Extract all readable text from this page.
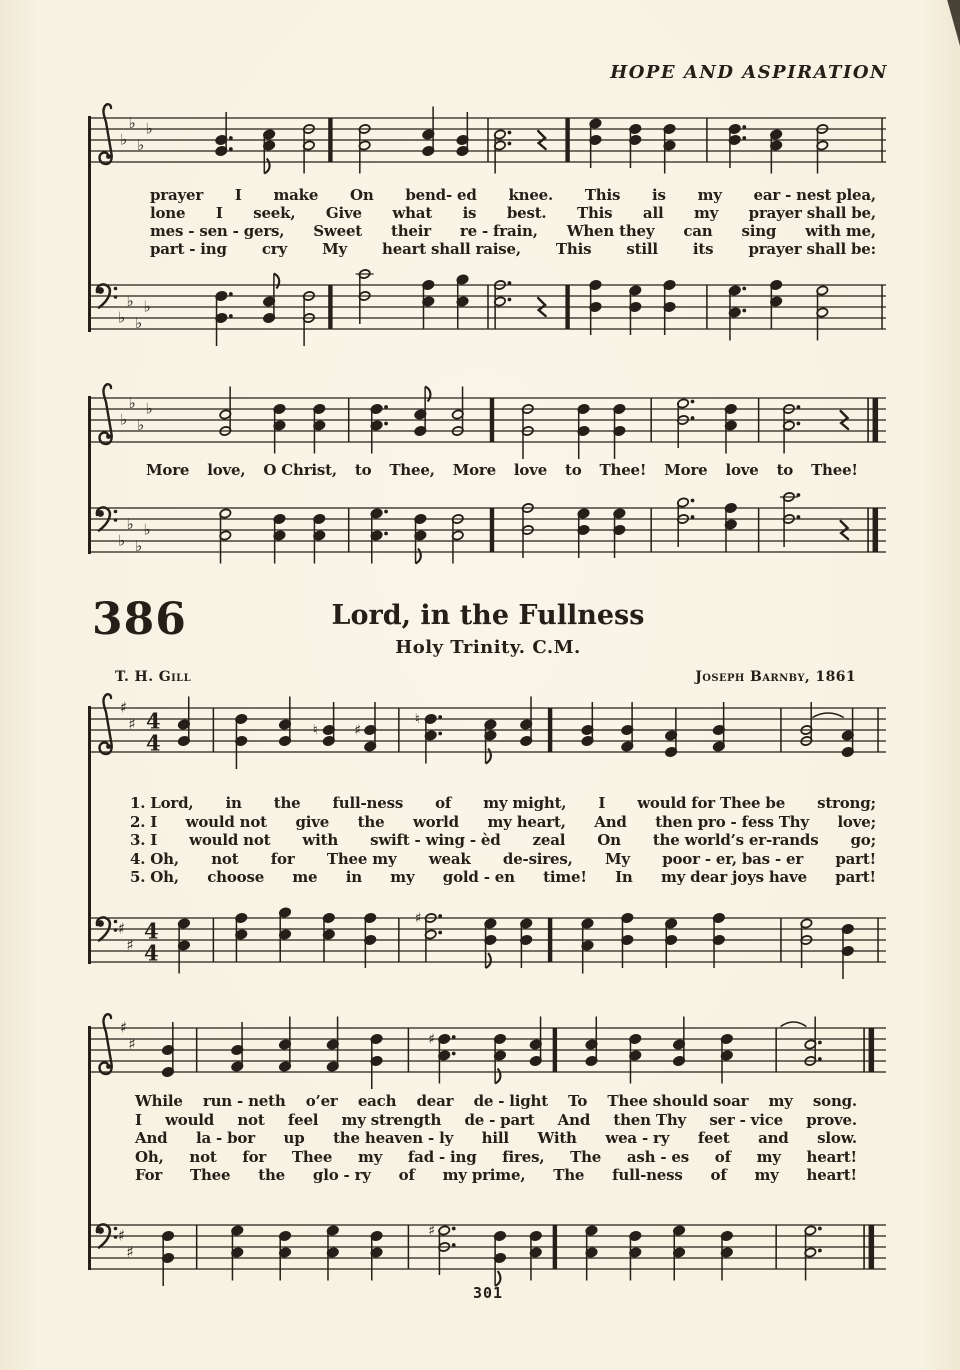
HOPE AND ASPIRATION
♭
♭
♭
♭
♭
♭
♭
♭
♭
♭
♭
♭
♭
♭
♭
♭
♯
♯ 4
4	♮	♯
♮
♯
♯
4
4
♯
♯
♯	♯
♯
♯
♯
prayer I make On bend- ed knee. This is my ear - nest plea,
lone I seek, Give what is best. This all my prayer shall be,
mes - sen - gers, Sweet their re - frain, When they can sing with me,
part - ing cry My heart shall raise, This still its prayer shall be:
More love, O Christ, to Thee, More love to Thee! More love to Thee!
386	Lord, in the Fullness
Holy Trinity. C.M.
T. H. Gill	Joseph Barnby, 1861
1. Lord, in the full-ness of my might, I would for Thee be strong;
2. I would not give the world my heart, And then pro - fess Thy love;
3. I would not with swift - wing - èd zeal On the world’s er-rands go;
4. Oh, not for Thee my weak de-sires, My poor - er, bas - er part!
5. Oh, choose me in my gold - en time! In my dear joys have part!
While run - neth o’er each dear de - light To Thee should soar my song.
I would not feel my strength de - part And then Thy ser - vice prove.
And la - bor up the heaven - ly hill With wea - ry feet and slow.
Oh, not for Thee my fad - ing fires, The ash - es of my heart!
For Thee the glo - ry of my prime, The full-ness of my heart!
301
